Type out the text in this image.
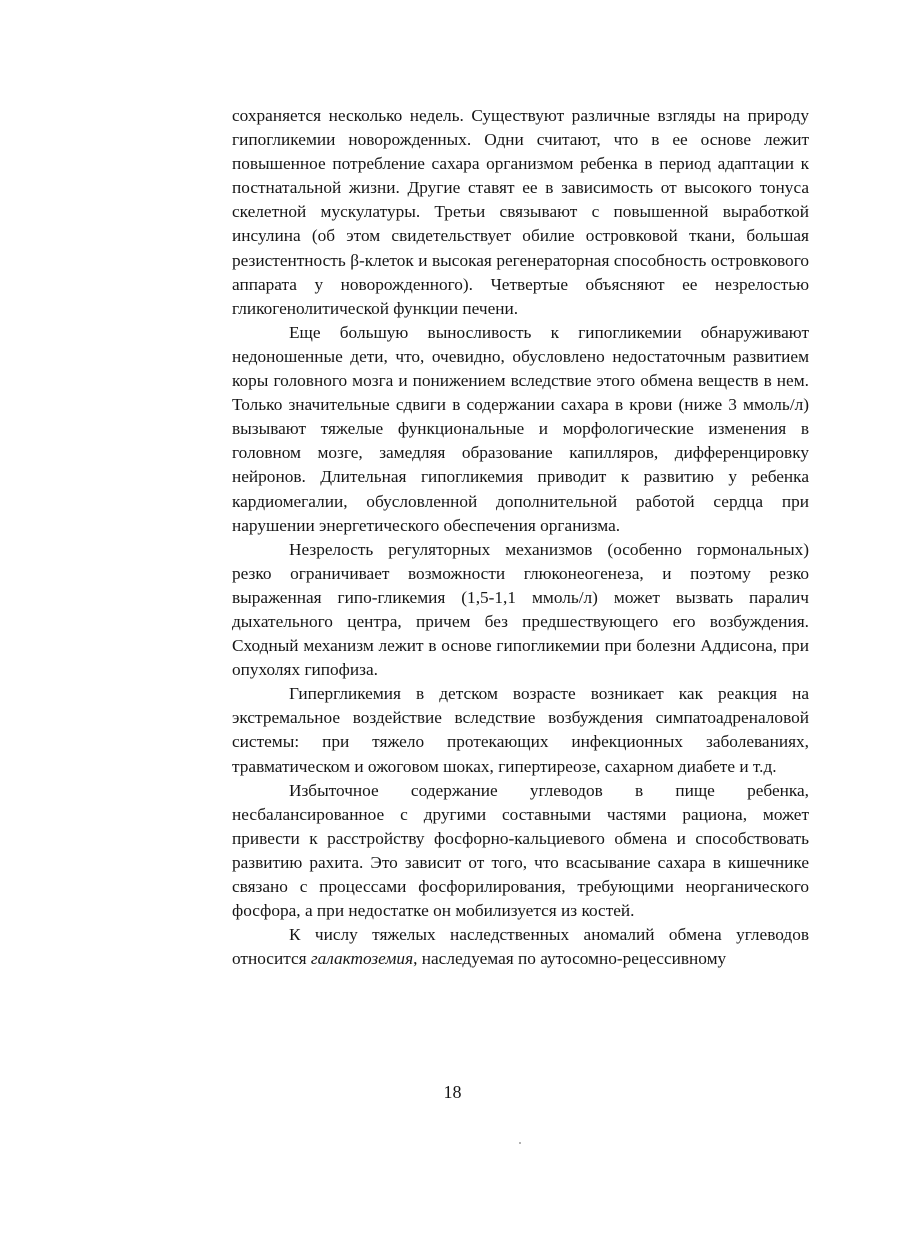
сохраняется несколько недель. Существуют различные взгляды на природу гипогликемии новорожденных. Одни считают, что в ее основе лежит повышенное потребление сахара организмом ребенка в период адаптации к постнатальной жизни. Другие ставят ее в зависимость от высокого тонуса скелетной мускулатуры. Третьи связывают с повышенной выработкой инсулина (об этом свидетельствует обилие островковой ткани, большая резистентность β-клеток и высокая регенераторная способность островкового аппарата у новорожденного). Четвертые объясняют ее незрелостью гликогенолитической функции печени.

Еще большую выносливость к гипогликемии обнаруживают недоношенные дети, что, очевидно, обусловлено недостаточным развитием коры головного мозга и понижением вследствие этого обмена веществ в нем. Только значительные сдвиги в содержании сахара в крови (ниже 3 ммоль/л) вызывают тяжелые функциональные и морфологические изменения в головном мозге, замедляя образование капилляров, дифференцировку нейронов. Длительная гипогликемия приводит к развитию у ребенка кардиомегалии, обусловленной дополнительной работой сердца при нарушении энергетического обеспечения организма.

Незрелость регуляторных механизмов (особенно гормональных) резко ограничивает возможности глюконеогенеза, и поэтому резко выраженная гипо-гликемия (1,5-1,1 ммоль/л) может вызвать паралич дыхательного центра, причем без предшествующего его возбуждения. Сходный механизм лежит в основе гипогликемии при болезни Аддисона, при опухолях гипофиза.

Гипергликемия в детском возрасте возникает как реакция на экстремальное воздействие вследствие возбуждения симпатоадреналовой системы: при тяжело протекающих инфекционных заболеваниях, травматическом и ожоговом шоках, гипертиреозе, сахарном диабете и т.д.

Избыточное содержание углеводов в пище ребенка, несбалансированное с другими составными частями рациона, может привести к расстройству фосфорно-кальциевого обмена и способствовать развитию рахита. Это зависит от того, что всасывание сахара в кишечнике связано с процессами фосфорилирования, требующими неорганического фосфора, а при недостатке он мобилизуется из костей.

К числу тяжелых наследственных аномалий обмена углеводов относится галактоземия, наследуемая по аутосомно-рецессивному

18
